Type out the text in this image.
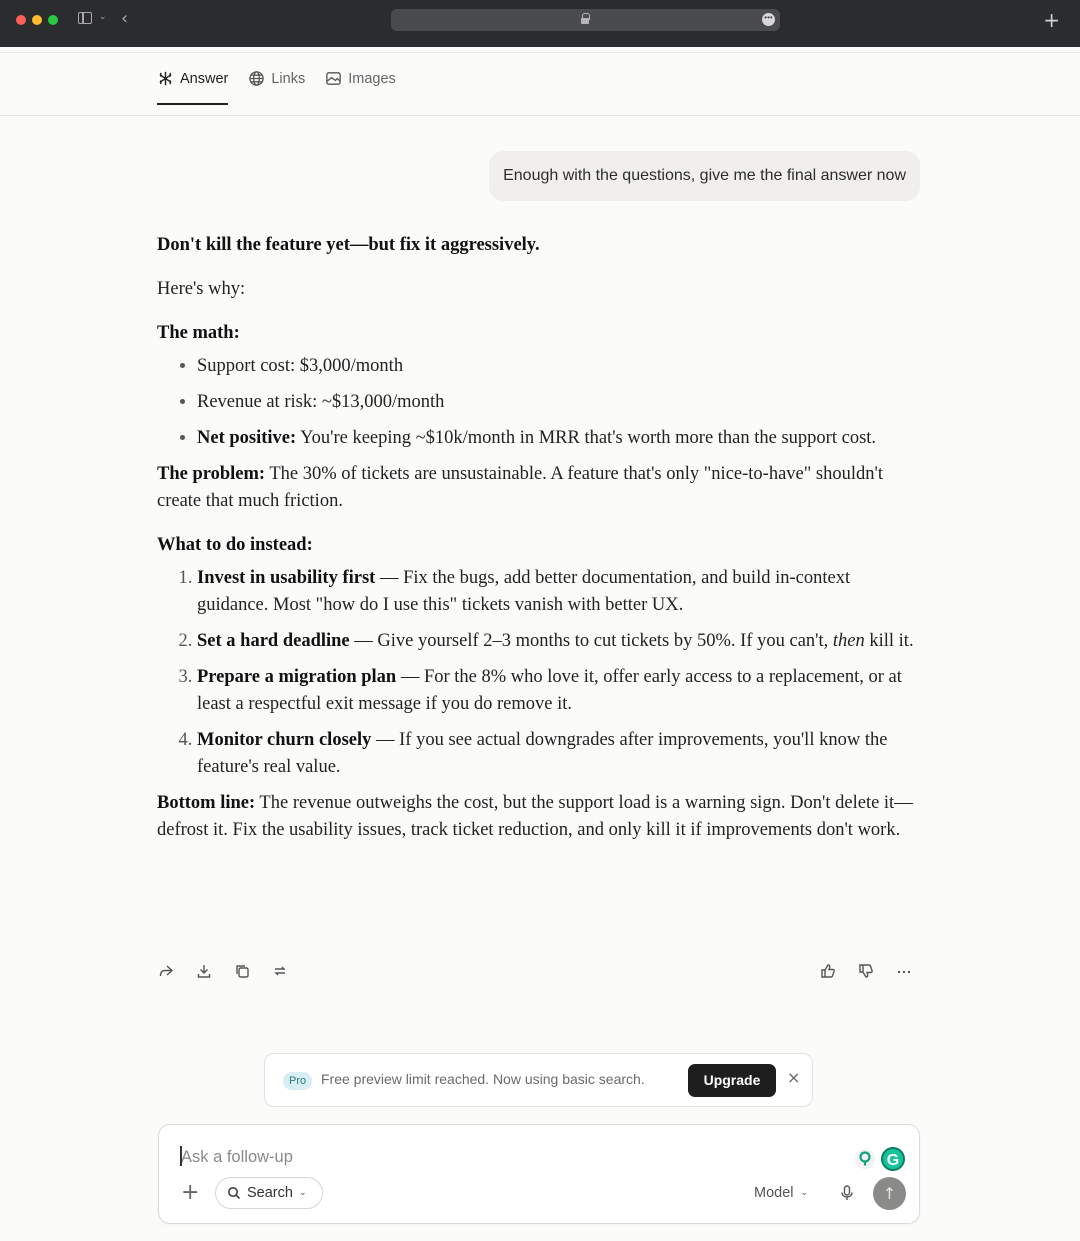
⌄ ‹	•••	+
Answer	Links	Images
Enough with the questions, give me the final answer now

Don't kill the feature yet—but fix it aggressively.

Here's why:

The math:

• Support cost: $3,000/month
• Revenue at risk: ~$13,000/month
• Net positive: You're keeping ~$10k/month in MRR that's worth more than the support cost.

The problem: The 30% of tickets are unsustainable. A feature that's only "nice-to-have" shouldn't create that much friction.

What to do instead:

1. Invest in usability first — Fix the bugs, add better documentation, and build in-context guidance. Most "how do I use this" tickets vanish with better UX.
2. Set a hard deadline — Give yourself 2–3 months to cut tickets by 50%. If you can't, then kill it.
3. Prepare a migration plan — For the 8% who love it, offer early access to a replacement, or at least a respectful exit message if you do remove it.
4. Monitor churn closely — If you see actual downgrades after improvements, you'll know the feature's real value.

Bottom line: The revenue outweighs the cost, but the support load is a warning sign. Don't delete it—defrost it. Fix the usability issues, track ticket reduction, and only kill it if improvements don't work.

Pro	Free preview limit reached. Now using basic search.	Upgrade	×
Ask a follow-up
G
+	Search ⌄	Model ⌄	↑
